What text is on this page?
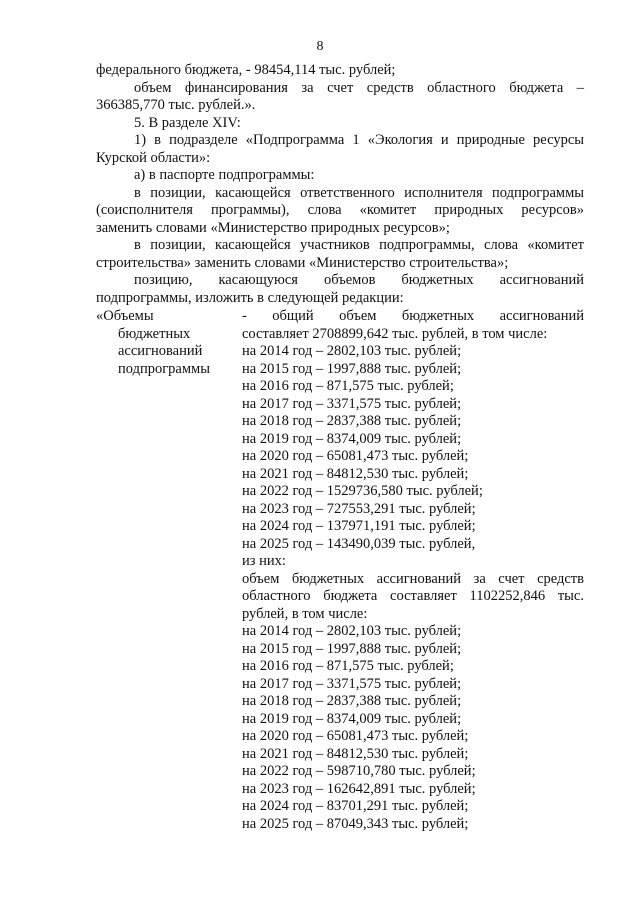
8
федерального бюджета, - 98454,114 тыс. рублей;
объем финансирования за счет средств областного бюджета –
366385,770 тыс. рублей.».
5. В разделе XIV:
1) в подразделе «Подпрограмма 1 «Экология и природные ресурсы
Курской области»:
а) в паспорте подпрограммы:
в позиции, касающейся ответственного исполнителя подпрограммы
(соисполнителя программы), слова «комитет природных ресурсов»
заменить словами «Министерство природных ресурсов»;
в позиции, касающейся участников подпрограммы, слова «комитет
строительства» заменить словами «Министерство строительства»;
позицию, касающуюся объемов бюджетных ассигнований
подпрограммы, изложить в следующей редакции:
«Объемы
бюджетных
ассигнований
подпрограммы
- общий объем бюджетных ассигнований
составляет 2708899,642 тыс. рублей, в том числе:
на 2014 год – 2802,103 тыс. рублей;
на 2015 год – 1997,888 тыс. рублей;
на 2016 год – 871,575 тыс. рублей;
на 2017 год – 3371,575 тыс. рублей;
на 2018 год – 2837,388 тыс. рублей;
на 2019 год – 8374,009 тыс. рублей;
на 2020 год – 65081,473 тыс. рублей;
на 2021 год – 84812,530 тыс. рублей;
на 2022 год – 1529736,580 тыс. рублей;
на 2023 год – 727553,291 тыс. рублей;
на 2024 год – 137971,191 тыс. рублей;
на 2025 год – 143490,039 тыс. рублей,
из них:
объем бюджетных ассигнований за счет средств
областного бюджета составляет 1102252,846 тыс.
рублей, в том числе:
на 2014 год – 2802,103 тыс. рублей;
на 2015 год – 1997,888 тыс. рублей;
на 2016 год – 871,575 тыс. рублей;
на 2017 год – 3371,575 тыс. рублей;
на 2018 год – 2837,388 тыс. рублей;
на 2019 год – 8374,009 тыс. рублей;
на 2020 год – 65081,473 тыс. рублей;
на 2021 год – 84812,530 тыс. рублей;
на 2022 год – 598710,780 тыс. рублей;
на 2023 год – 162642,891 тыс. рублей;
на 2024 год – 83701,291 тыс. рублей;
на 2025 год – 87049,343 тыс. рублей;
